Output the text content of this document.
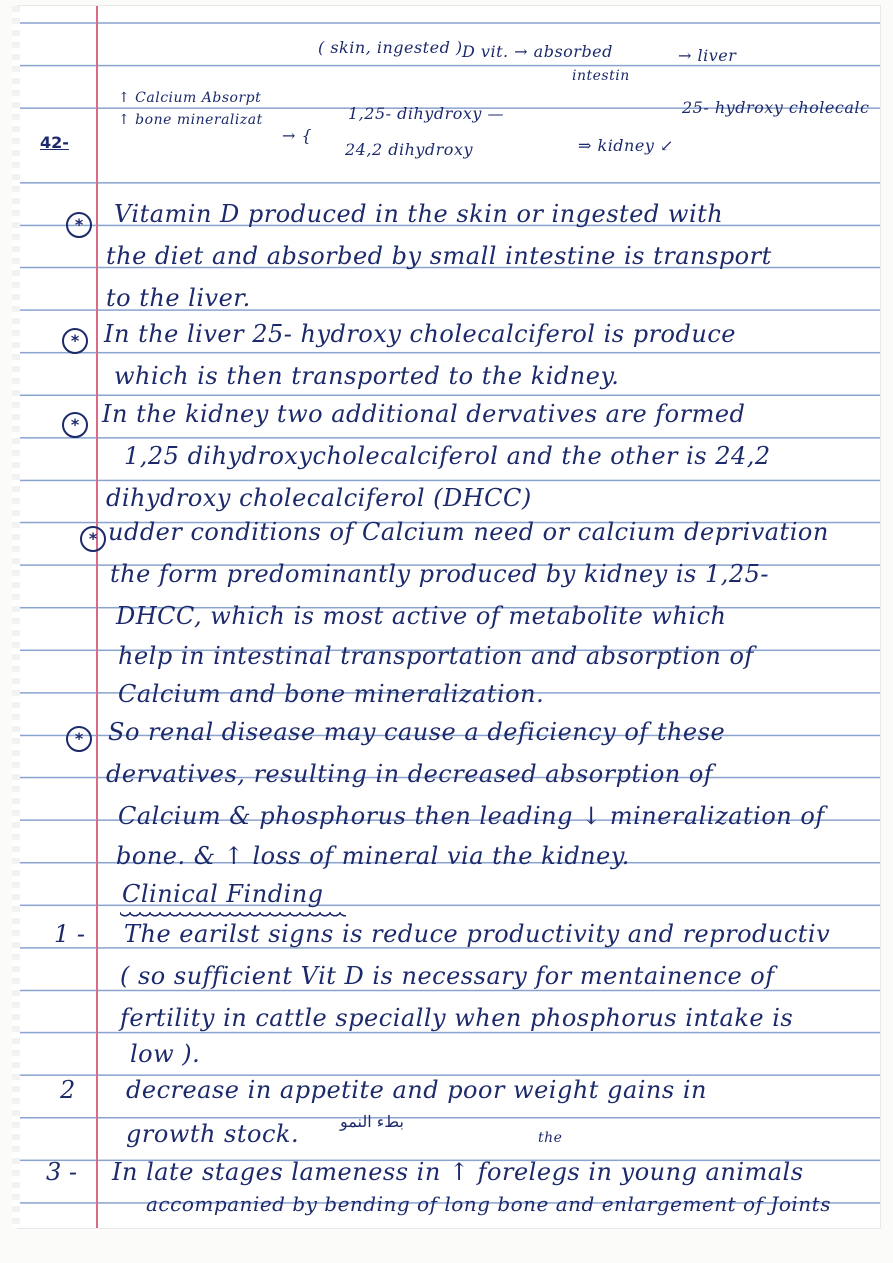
42-
( skin, ingested ) D vit. → absorbed
intestin
→ liver
↑ Calcium Absorpt
↑ bone mineralizat
→ {
1,25- dihydroxy —
24,2 dihydroxy
25- hydroxy cholecalc
⇒ kidney ↙
*	Vitamin D produced in the skin or ingested with
the diet and absorbed by small intestine is transport
to the liver.
*	In the liver 25- hydroxy cholecalciferol is produce
which is then transported to the kidney.
* In the kidney two additional dervatives are formed
1,25 dihydroxycholecalciferol and the other is 24,2
dihydroxy cholecalciferol (DHCC)
* udder conditions of Calcium need or calcium deprivation
the form predominantly produced by kidney is 1,25-
DHCC, which is most active of metabolite which
help in intestinal transportation and absorption of
Calcium and bone mineralization.
*	So renal disease may cause a deficiency of these
dervatives, resulting in decreased absorption of
Calcium & phosphorus then leading ↓ mineralization of
bone. & ↑ loss of mineral via the kidney.
Clinical Finding
1 - The earilst signs is reduce productivity and reproductiv
( so sufficient Vit D is necessary for mentainence of
fertility in cattle specially when phosphorus intake is
low ).
2 decrease in appetite and poor weight gains in
growth stock.	بطء النمو
the
3 - In late stages lameness in ↑ forelegs in young animals
accompanied by bending of long bone and enlargement of Joints
